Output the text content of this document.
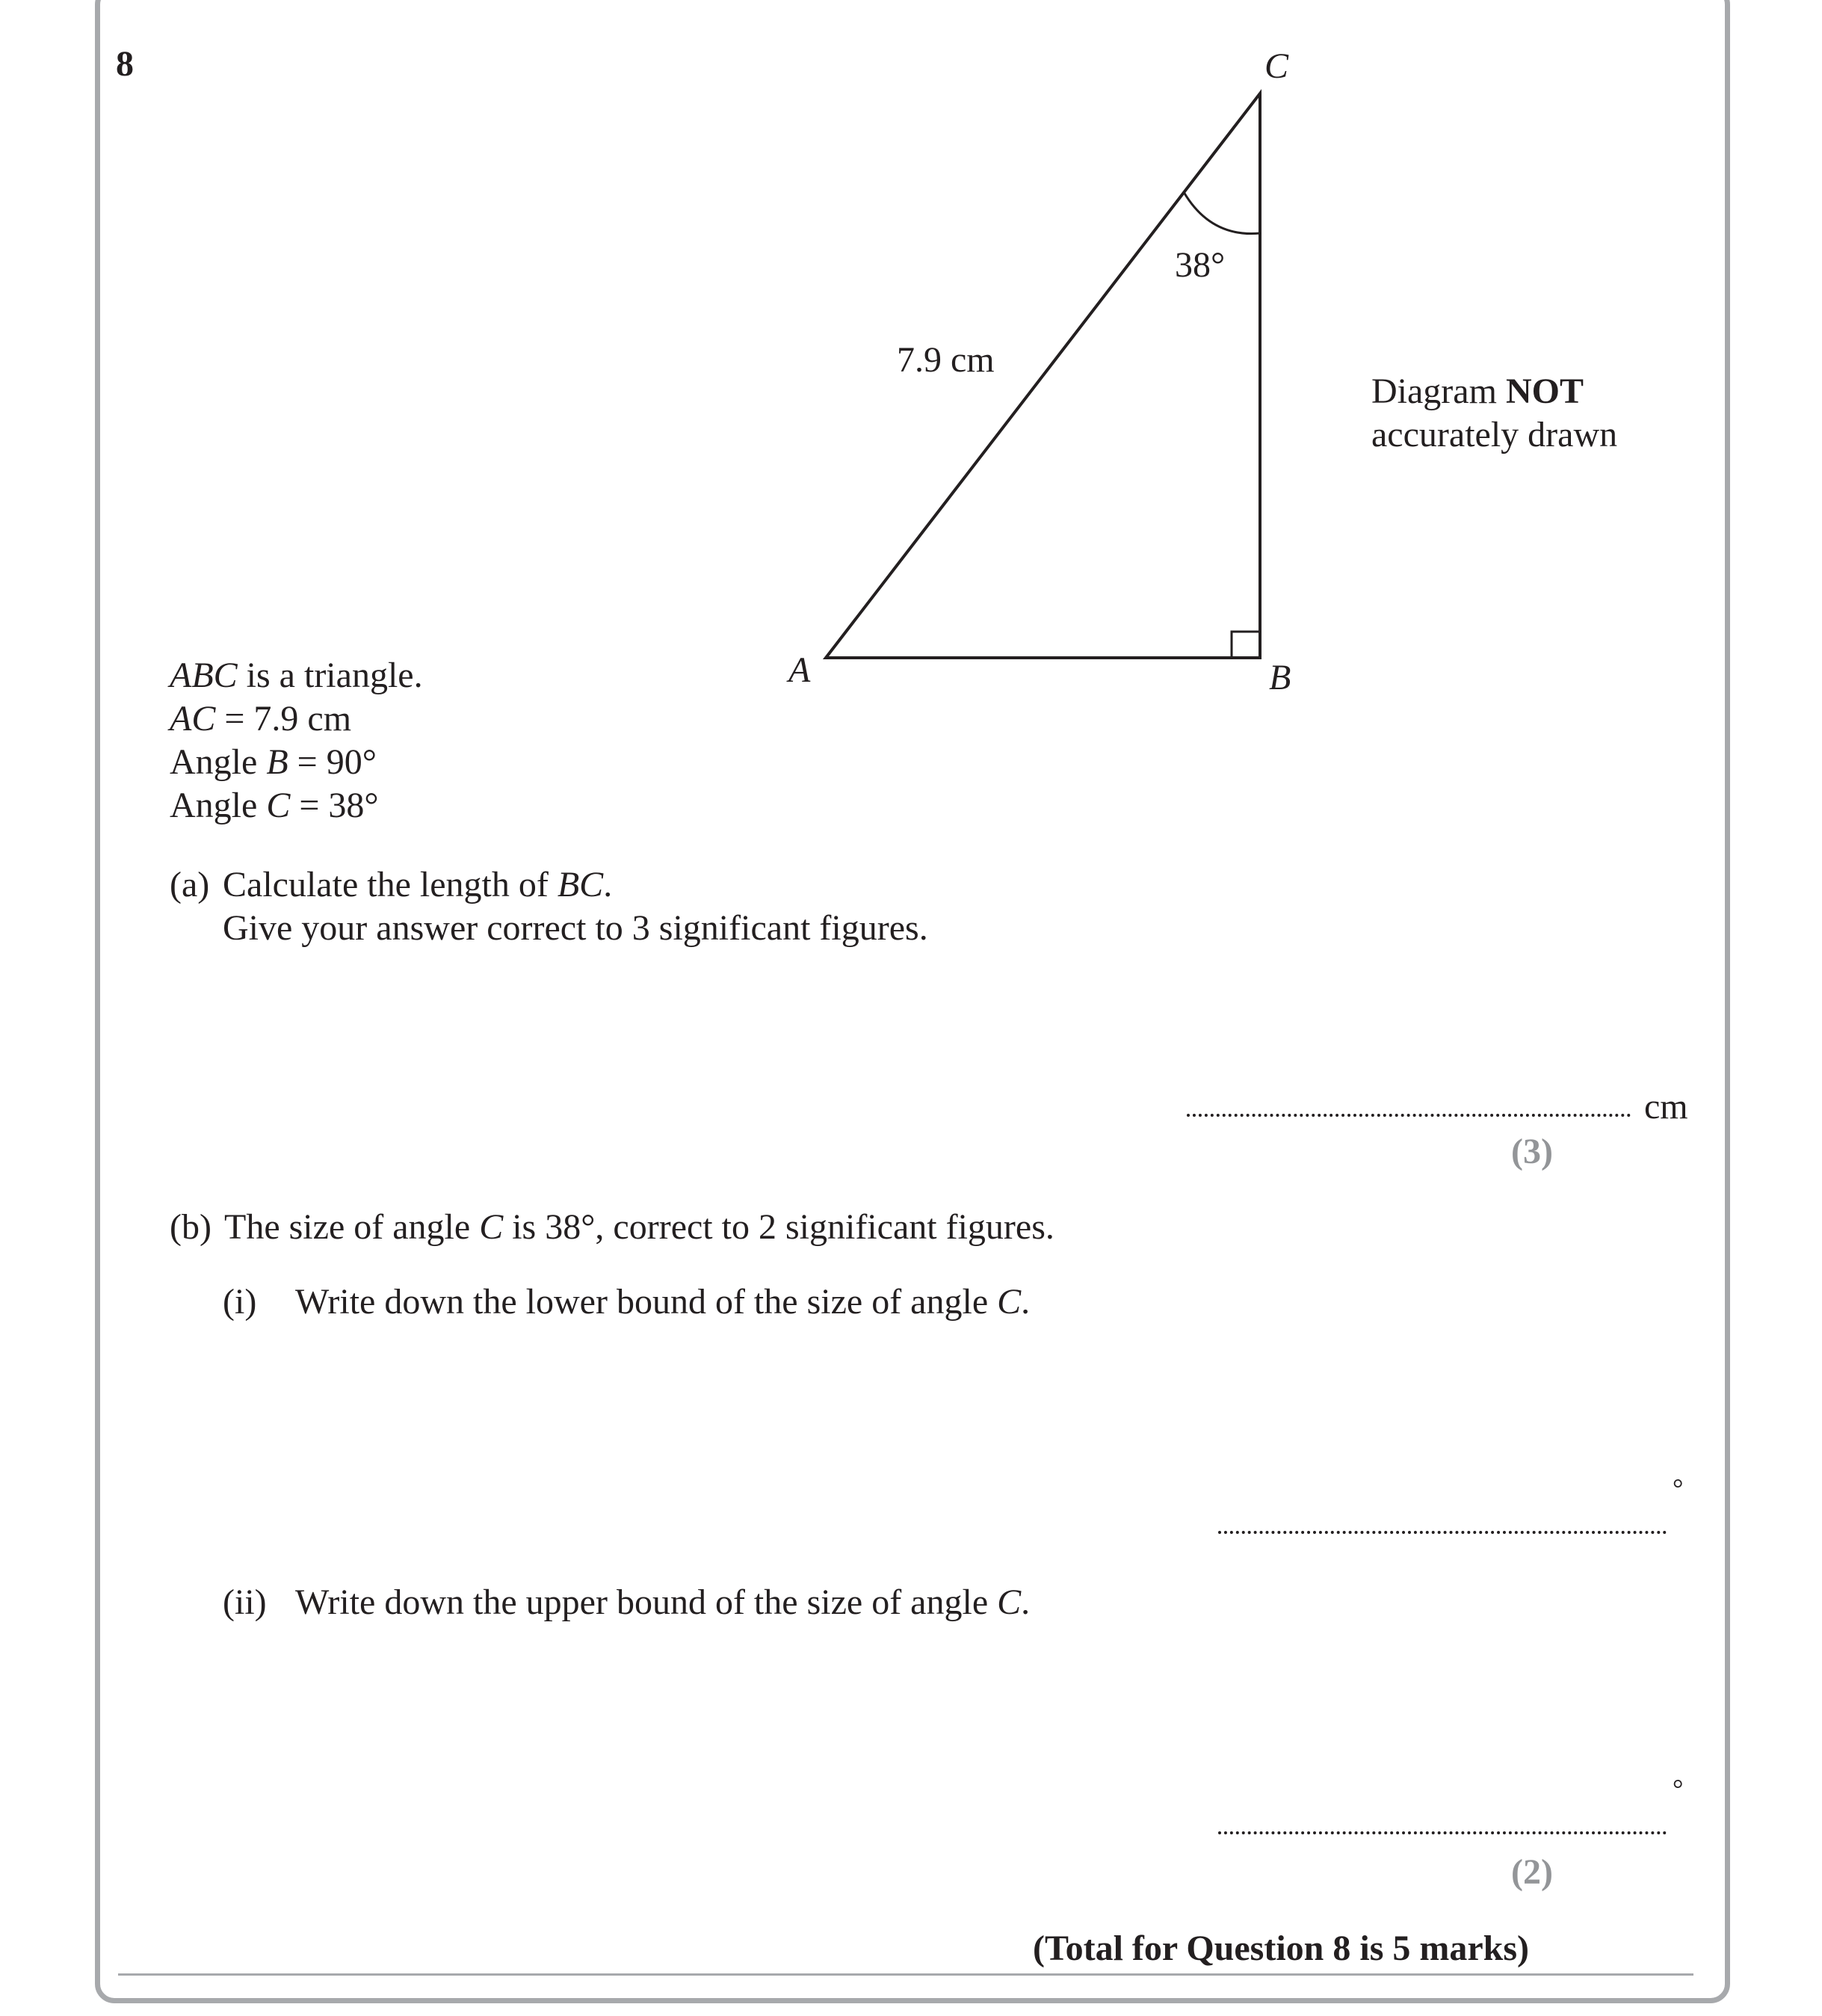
8
A	B
C
7.9 cm
38°
Diagram NOT
accurately drawn
ABC is a triangle.
AC = 7.9 cm
Angle B = 90°
Angle C = 38°
(a) Calculate the length of BC.
Give your answer correct to 3 significant figures.
cm
(3)
(b) The size of angle C is 38°, correct to 2 significant figures.
(i) Write down the lower bound of the size of angle C.
°
(ii) Write down the upper bound of the size of angle C.
°
(2)
(Total for Question 8 is 5 marks)
